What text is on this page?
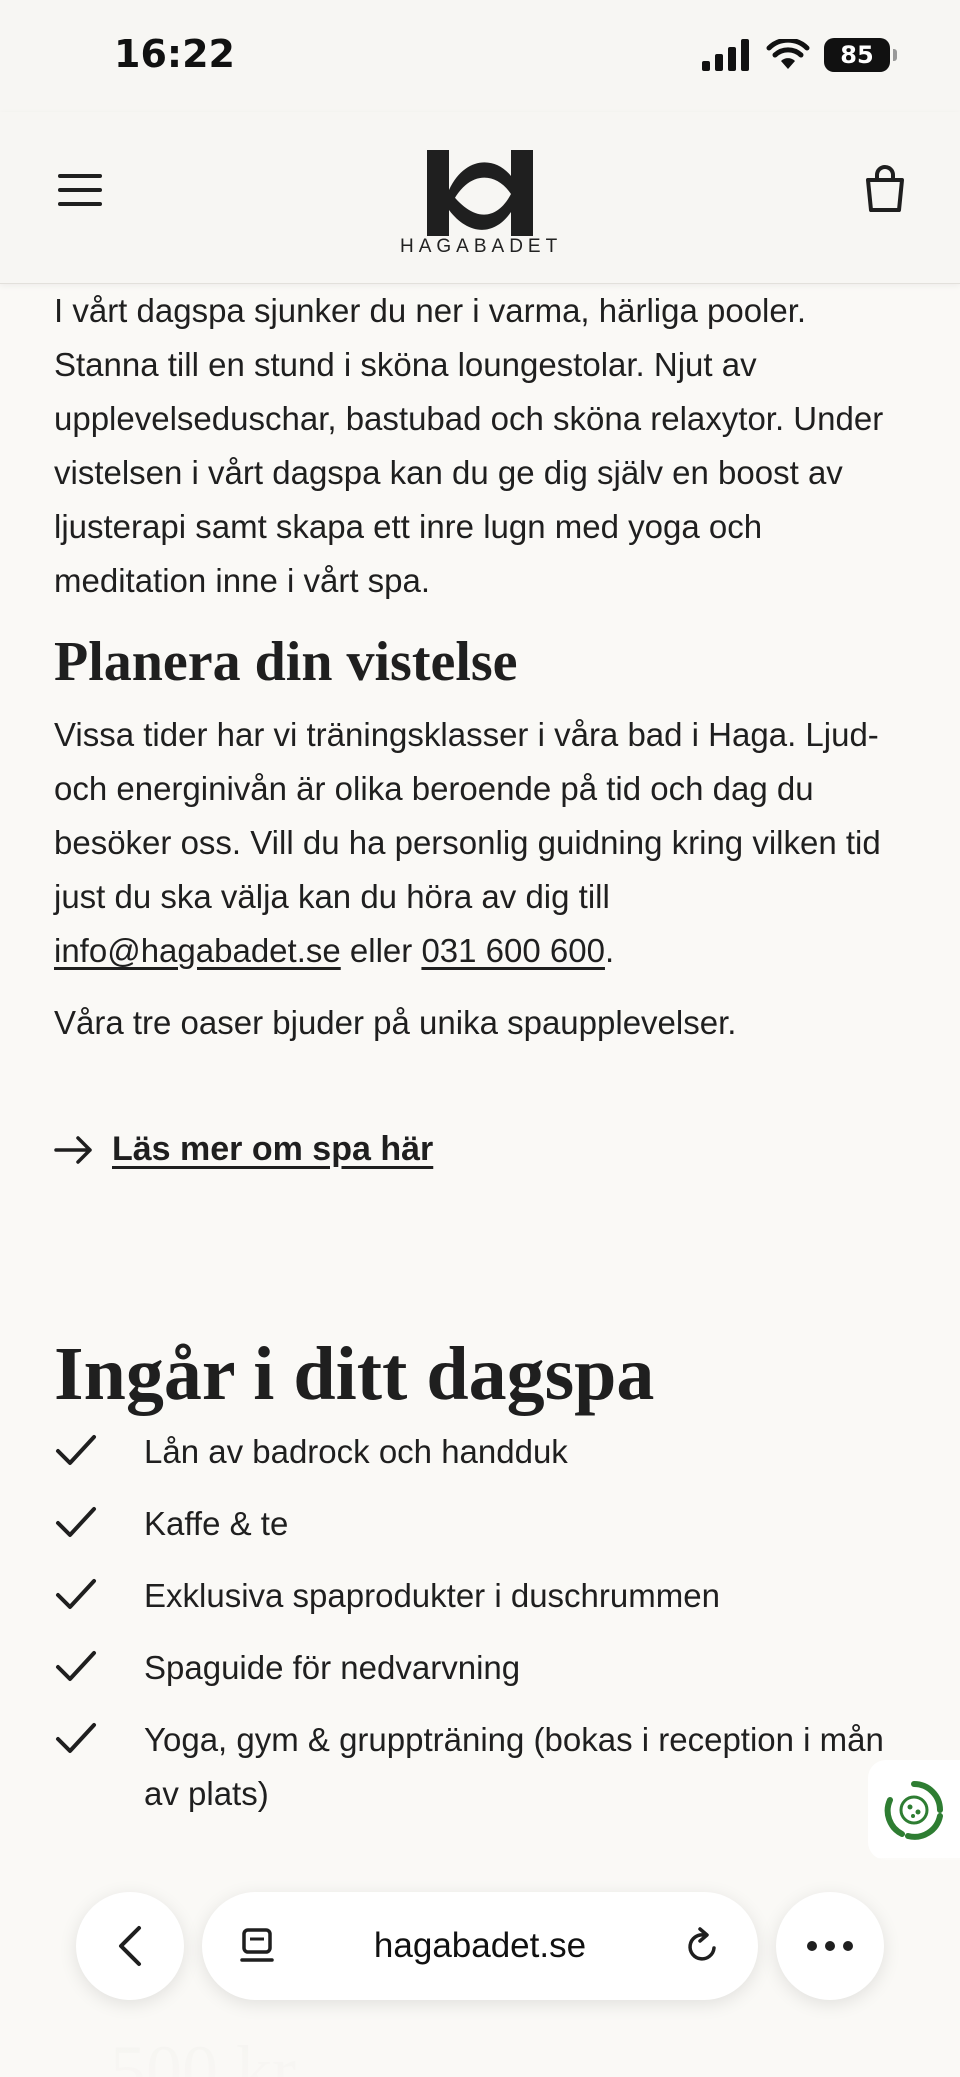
16:22	85
HAGABADET

I vårt dagspa sjunker du ner i varma, härliga pooler. Stanna till en stund i sköna loungestolar. Njut av upplevelseduschar, bastubad och sköna relaxytor. Under vistelsen i vårt dagspa kan du ge dig själv en boost av ljusterapi samt skapa ett inre lugn med yoga och meditation inne i vårt spa.

Planera din vistelse

Vissa tider har vi träningsklasser i våra bad i Haga. Ljud- och energinivån är olika beroende på tid och dag du besöker oss. Vill du ha personlig guidning kring vilken tid just du ska välja kan du höra av dig till info@hagabadet.se eller 031 600 600.

Våra tre oaser bjuder på unika spaupplevelser.

Läs mer om spa här
Ingår i ditt dagspa
Lån av badrock och handduk
Kaffe & te
Exklusiva spaprodukter i duschrummen
Spaguide för nedvarvning
Yoga, gym & gruppträning (bokas i reception i mån av plats)
hagabadet.se
